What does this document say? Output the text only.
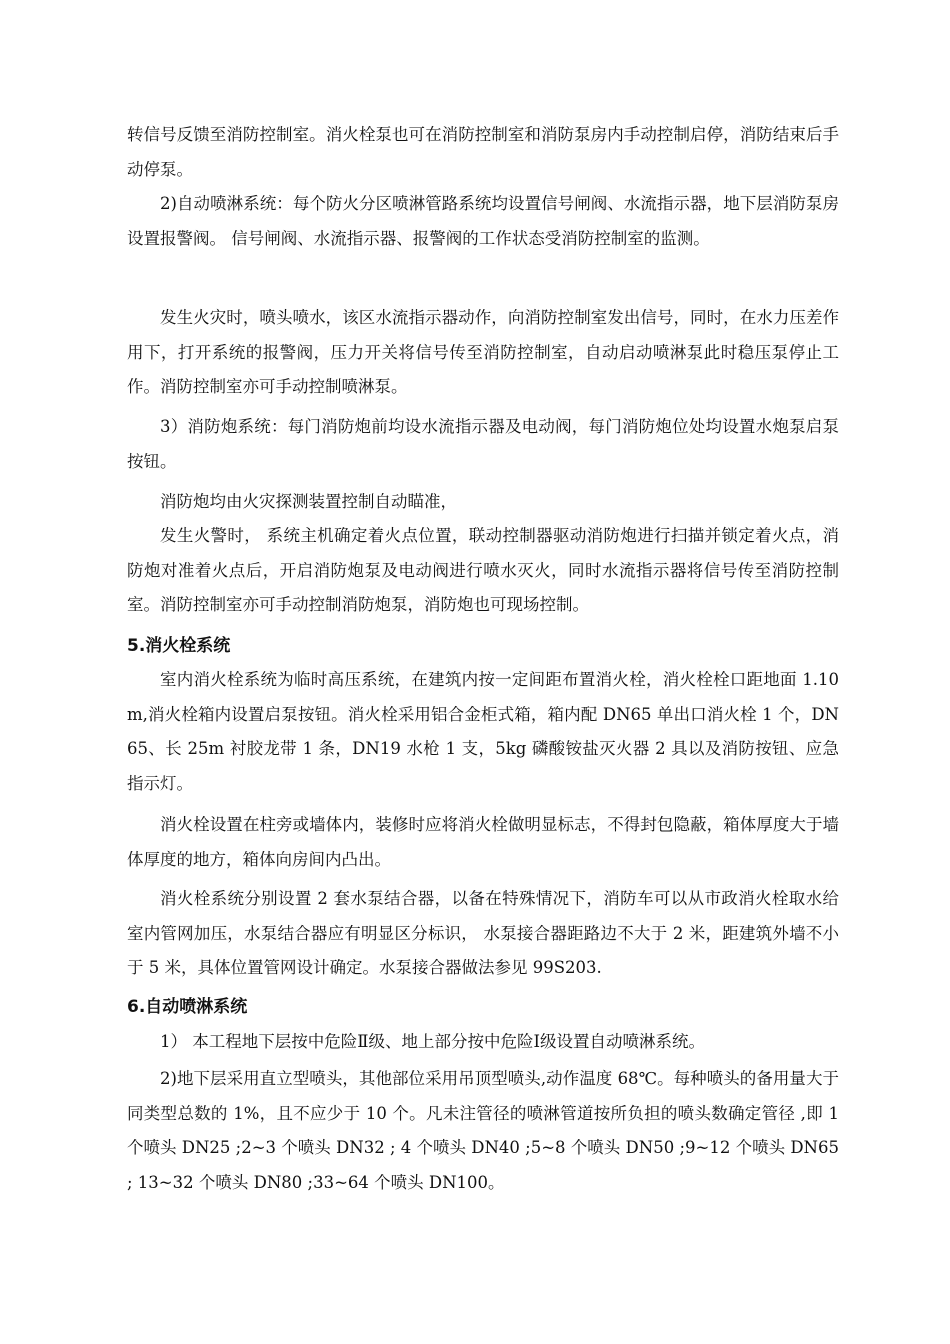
转信号反馈至消防控制室。消火栓泵也可在消防控制室和消防泵房内手动控制启停，消防结束后手动停泵。

2)自动喷淋系统：每个防火分区喷淋管路系统均设置信号闸阀、水流指示器，地下层消防泵房设置报警阀。 信号闸阀、水流指示器、报警阀的工作状态受消防控制室的监测。

发生火灾时，喷头喷水，该区水流指示器动作，向消防控制室发出信号，同时，在水力压差作用下，打开系统的报警阀，压力开关将信号传至消防控制室，自动启动喷淋泵此时稳压泵停止工作。消防控制室亦可手动控制喷淋泵。

3）消防炮系统：每门消防炮前均设水流指示器及电动阀，每门消防炮位处均设置水炮泵启泵按钮。

消防炮均由火灾探测装置控制自动瞄准，

发生火警时， 系统主机确定着火点位置，联动控制器驱动消防炮进行扫描并锁定着火点，消防炮对准着火点后，开启消防炮泵及电动阀进行喷水灭火，同时水流指示器将信号传至消防控制室。消防控制室亦可手动控制消防炮泵，消防炮也可现场控制。

5.消火栓系统

室内消火栓系统为临时高压系统，在建筑内按一定间距布置消火栓，消火栓栓口距地面 1.10m,消火栓箱内设置启泵按钮。消火栓采用铝合金柜式箱，箱内配 DN65 单出口消火栓 1 个，DN65、长 25m 衬胶龙带 1 条，DN19 水枪 1 支，5kg 磷酸铵盐灭火器 2 具以及消防按钮、应急指示灯。

消火栓设置在柱旁或墙体内，装修时应将消火栓做明显标志，不得封包隐蔽，箱体厚度大于墙体厚度的地方，箱体向房间内凸出。

消火栓系统分别设置 2 套水泵结合器，以备在特殊情况下，消防车可以从市政消火栓取水给室内管网加压，水泵结合器应有明显区分标识， 水泵接合器距路边不大于 2 米，距建筑外墙不小于 5 米，具体位置管网设计确定。水泵接合器做法参见 99S203.

6.自动喷淋系统

1） 本工程地下层按中危险Ⅱ级、地上部分按中危险Ⅰ级设置自动喷淋系统。

2)地下层采用直立型喷头，其他部位采用吊顶型喷头,动作温度 68℃。每种喷头的备用量大于同类型总数的 1%，且不应少于 10 个。凡未注管径的喷淋管道按所负担的喷头数确定管径 ,即 1 个喷头 DN25 ;2~3 个喷头 DN32 ; 4 个喷头 DN40 ;5~8 个喷头 DN50 ;9~12 个喷头 DN65 ; 13~32 个喷头 DN80 ;33~64 个喷头 DN100。
